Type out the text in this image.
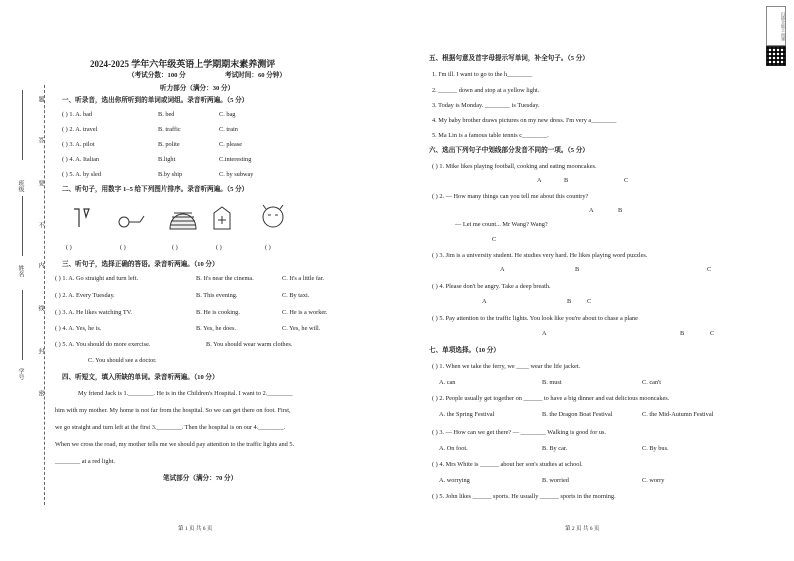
题
答
要
不
内
线
封
密
姓名
班级
学号
2024-2025 学年六年级英语上学期期末素养测评
（考试分数：100 分	考试时间：60 分钟）
听力部分（满分：30 分）
一、听录音，选出你所听到的单词或词组。录音听两遍。（5 分）
( ) 1. A. bad	B. bed	C. bag
( ) 2. A. travel	B. traffic	C. train
( ) 3. A. pilot	B. polite	C. please
( ) 4. A. Italian	B.light	C.interesting
( ) 5. A. by sled	B.by ship	C. by subway
二、听句子，用数字 1–5 给下列图片排序。录音听两遍。（5 分）
( )	( )	( )	( )	( )
三、听句子，选择正确的答语。录音听两遍。（10 分）
( ) 1. A. Go straight and turn left.	B. It's near the cinema.	C. It's a little far.
( ) 2. A. Every Tuesday.	B. This evening.	C. By taxi.
( ) 3. A. He likes watching TV.	B. He is cooking.	C. He is a worker.
( ) 4. A. Yes, he is.	B. Yes, he does.	C. Yes, he will.
( ) 5. A. You should do more exercise.	B. You should wear warm clothes.
C. You should see a doctor.
四、听短文，填入所缺的单词。录音听两遍。（10 分）
My friend Jack is 1.________. He is in the Children's Hospital. I want to 2.________
him with my mother. My home is not far from the hospital. So we can get there on foot. First,
we go straight and turn left at the first 3.________. Then the hospital is on our 4.________.
When we cross the road, my mother tells me we should pay attention to the traffic lights and 5.
________ at a red light.
笔试部分（满分：70 分）
第 1 页 共 6 页
五、根据句意及首字母提示写单词，补全句子。（5 分）
1. I'm ill. I want to go to the h________
2. ______ down and stop at a yellow light.
3. Today is Monday. ________ is Tuesday.
4. My baby brother draws pictures on my new dress. I'm very a________
5. Ma Lin is a famous table tennis c________.
六、选出下列句子中划线部分发音不同的一项。（5 分）
( ) 1. Mike likes playing football, cooking and eating mooncakes.
A	B	C
( ) 2. — How many things can you tell me about this country?
A	B
— Let me count... Mr Wang? Wang?
C
( ) 3. Jim is a university student. He studies very hard. He likes playing word puzzles.
A	B	C
( ) 4. Please don't be angry. Take a deep breath.
A	B	C
( ) 5. Pay attention to the traffic lights. You look like you're about to chase a plane
A	B	C
七、单项选择。（10 分）
( ) 1. When we take the ferry, we ____ wear the life jacket.
A. can	B. must	C. can't
( ) 2. People usually get together on ______ to have a big dinner and eat delicious mooncakes.
A. the Spring Festival	B. the Dragon Boat Festival	C. the Mid-Autumn Festival
( ) 3. — How can we get there? — ________ Walking is good for us.
A. On foot.	B. By car.	C. By bus.
( ) 4. Mrs White is ______ about her son's studies at school.
A. worrying	B. worried	C. worry
( ) 5. John likes ______ sports. He usually ______ sports in the morning.
第 2 页 共 6 页
扫描全能王 创建
